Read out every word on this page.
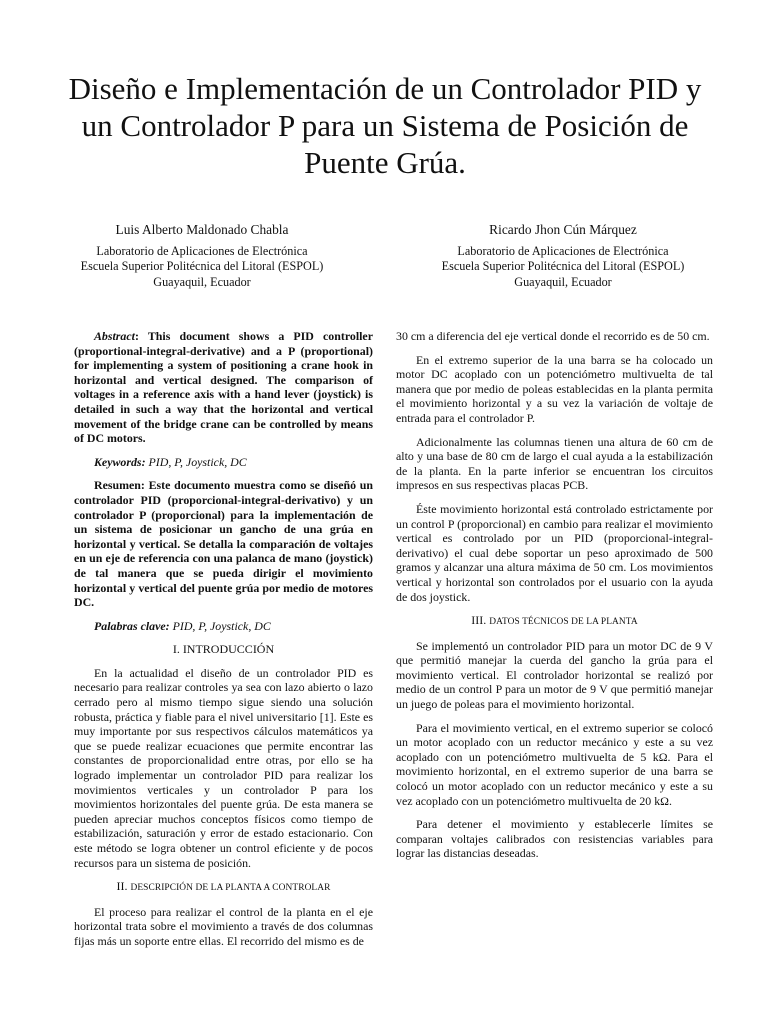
Diseño e Implementación de un Controlador PID y un Controlador P para un Sistema de Posición de Puente Grúa.
Luis Alberto Maldonado Chabla
Laboratorio de Aplicaciones de Electrónica
Escuela Superior Politécnica del Litoral (ESPOL)
Guayaquil, Ecuador
Ricardo Jhon Cún Márquez
Laboratorio de Aplicaciones de Electrónica
Escuela Superior Politécnica del Litoral (ESPOL)
Guayaquil, Ecuador

Abstract: This document shows a PID controller (proportional-integral-derivative) and a P (proportional) for implementing a system of positioning a crane hook in horizontal and vertical designed. The comparison of voltages in a reference axis with a hand lever (joystick) is detailed in such a way that the horizontal and vertical movement of the bridge crane can be controlled by means of DC motors.

Keywords: PID, P, Joystick, DC

Resumen: Este documento muestra como se diseñó un controlador PID (proporcional-integral-derivativo) y un controlador P (proporcional) para la implementación de un sistema de posicionar un gancho de una grúa en horizontal y vertical. Se detalla la comparación de voltajes en un eje de referencia con una palanca de mano (joystick) de tal manera que se pueda dirigir el movimiento horizontal y vertical del puente grúa por medio de motores DC.

Palabras clave: PID, P, Joystick, DC

I. INTRODUCCIÓN

En la actualidad el diseño de un controlador PID es necesario para realizar controles ya sea con lazo abierto o lazo cerrado pero al mismo tiempo sigue siendo una solución robusta, práctica y fiable para el nivel universitario [1]. Este es muy importante por sus respectivos cálculos matemáticos ya que se puede realizar ecuaciones que permite encontrar las constantes de proporcionalidad entre otras, por ello se ha logrado implementar un controlador PID para realizar los movimientos verticales y un controlador P para los movimientos horizontales del puente grúa. De esta manera se pueden apreciar muchos conceptos físicos como tiempo de estabilización, saturación y error de estado estacionario. Con este método se logra obtener un control eficiente y de pocos recursos para un sistema de posición.

II. DESCRIPCIÓN DE LA PLANTA A CONTROLAR

El proceso para realizar el control de la planta en el eje horizontal trata sobre el movimiento a través de dos columnas fijas más un soporte entre ellas. El recorrido del mismo es de

30 cm a diferencia del eje vertical donde el recorrido es de 50 cm.

En el extremo superior de la una barra se ha colocado un motor DC acoplado con un potenciómetro multivuelta de tal manera que por medio de poleas establecidas en la planta permita el movimiento horizontal y a su vez la variación de voltaje de entrada para el controlador P.

Adicionalmente las columnas tienen una altura de 60 cm de alto y una base de 80 cm de largo el cual ayuda a la estabilización de la planta. En la parte inferior se encuentran los circuitos impresos en sus respectivas placas PCB.

Éste movimiento horizontal está controlado estrictamente por un control P (proporcional) en cambio para realizar el movimiento vertical es controlado por un PID (proporcional-integral-derivativo) el cual debe soportar un peso aproximado de 500 gramos y alcanzar una altura máxima de 50 cm. Los movimientos vertical y horizontal son controlados por el usuario con la ayuda de dos joystick.

III. DATOS TÉCNICOS DE LA PLANTA

Se implementó un controlador PID para un motor DC de 9 V que permitió manejar la cuerda del gancho la grúa para el movimiento vertical. El controlador horizontal se realizó por medio de un control P para un motor de 9 V que permitió manejar un juego de poleas para el movimiento horizontal.

Para el movimiento vertical, en el extremo superior se colocó un motor acoplado con un reductor mecánico y este a su vez acoplado con un potenciómetro multivuelta de 5 kΩ. Para el movimiento horizontal, en el extremo superior de una barra se colocó un motor acoplado con un reductor mecánico y este a su vez acoplado con un potenciómetro multivuelta de 20 kΩ.

Para detener el movimiento y establecerle límites se comparan voltajes calibrados con resistencias variables para lograr las distancias deseadas.
